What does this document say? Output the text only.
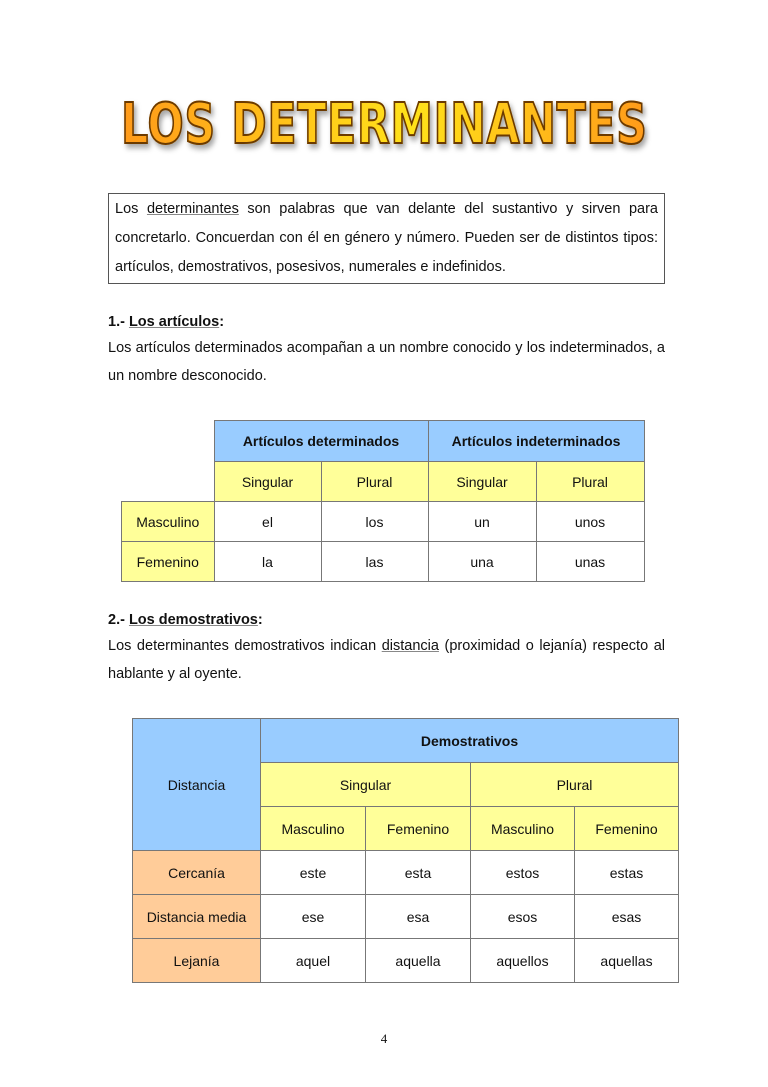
LOS DETERMINANTES
Los determinantes son palabras que van delante del sustantivo y sirven para concretarlo. Concuerdan con él en género y número. Pueden ser de distintos tipos: artículos, demostrativos, posesivos, numerales e indefinidos.
1.- Los artículos:
Los artículos determinados acompañan a un nombre conocido y los indeterminados, a un nombre desconocido.
	Artículos determinados		Artículos indeterminados	
	Singular	Plural	Singular	Plural
Masculino	el	los	un	unos
Femenino	la	las	una	unas
2.- Los demostrativos:
Los determinantes demostrativos indican distancia (proximidad o lejanía) respecto al hablante y al oyente.
Distancia	Demostrativos			
	Singular		Plural	
	Masculino	Femenino	Masculino	Femenino
Cercanía	este	esta	estos	estas
Distancia media	ese	esa	esos	esas
Lejanía	aquel	aquella	aquellos	aquellas
4
